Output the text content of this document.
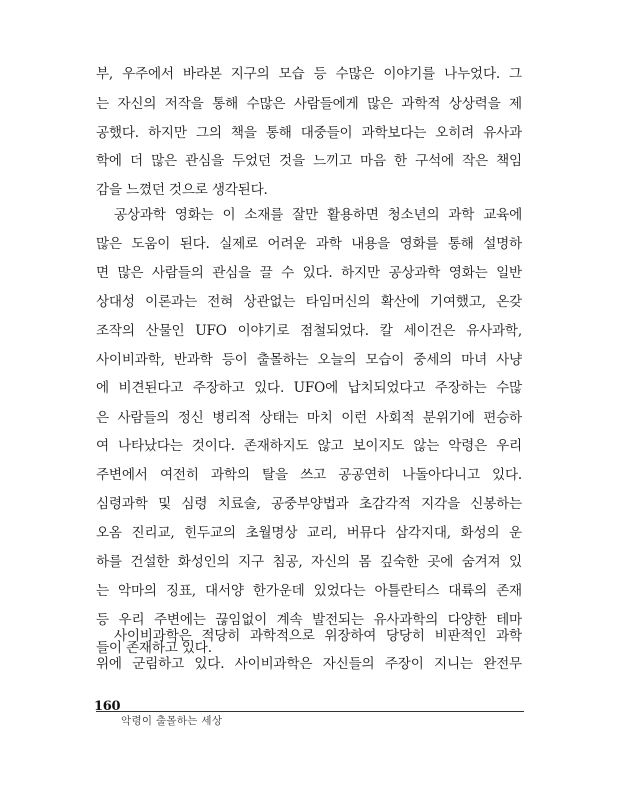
부, 우주에서 바라본 지구의 모습 등 수많은 이야기를 나누었다. 그
는 자신의 저작을 통해 수많은 사람들에게 많은 과학적 상상력을 제
공했다. 하지만 그의 책을 통해 대중들이 과학보다는 오히려 유사과
학에 더 많은 관심을 두었던 것을 느끼고 마음 한 구석에 작은 책임
감을 느꼈던 것으로 생각된다.
공상과학 영화는 이 소재를 잘만 활용하면 청소년의 과학 교육에
많은 도움이 된다. 실제로 어려운 과학 내용을 영화를 통해 설명하
면 많은 사람들의 관심을 끌 수 있다. 하지만 공상과학 영화는 일반
상대성 이론과는 전혀 상관없는 타임머신의 확산에 기여했고, 온갖
조작의 산물인 UFO 이야기로 점철되었다. 칼 세이건은 유사과학,
사이비과학, 반과학 등이 출몰하는 오늘의 모습이 중세의 마녀 사냥
에 비견된다고 주장하고 있다. UFO에 납치되었다고 주장하는 수많
은 사람들의 정신 병리적 상태는 마치 이런 사회적 분위기에 편승하
여 나타났다는 것이다. 존재하지도 않고 보이지도 않는 악령은 우리
주변에서 여전히 과학의 탈을 쓰고 공공연히 나돌아다니고 있다.
심령과학 및 심령 치료술, 공중부양법과 초감각적 지각을 신봉하는
오옴 진리교, 힌두교의 초월명상 교리, 버뮤다 삼각지대, 화성의 운
하를 건설한 화성인의 지구 침공, 자신의 몸 깊숙한 곳에 숨겨져 있
는 악마의 징표, 대서양 한가운데 있었다는 아틀란티스 대륙의 존재
등 우리 주변에는 끊임없이 계속 발전되는 유사과학의 다양한 테마
들이 존재하고 있다.
사이비과학은 적당히 과학적으로 위장하여 당당히 비판적인 과학
위에 군림하고 있다. 사이비과학은 자신들의 주장이 지니는 완전무
160
악령이 출몰하는 세상
